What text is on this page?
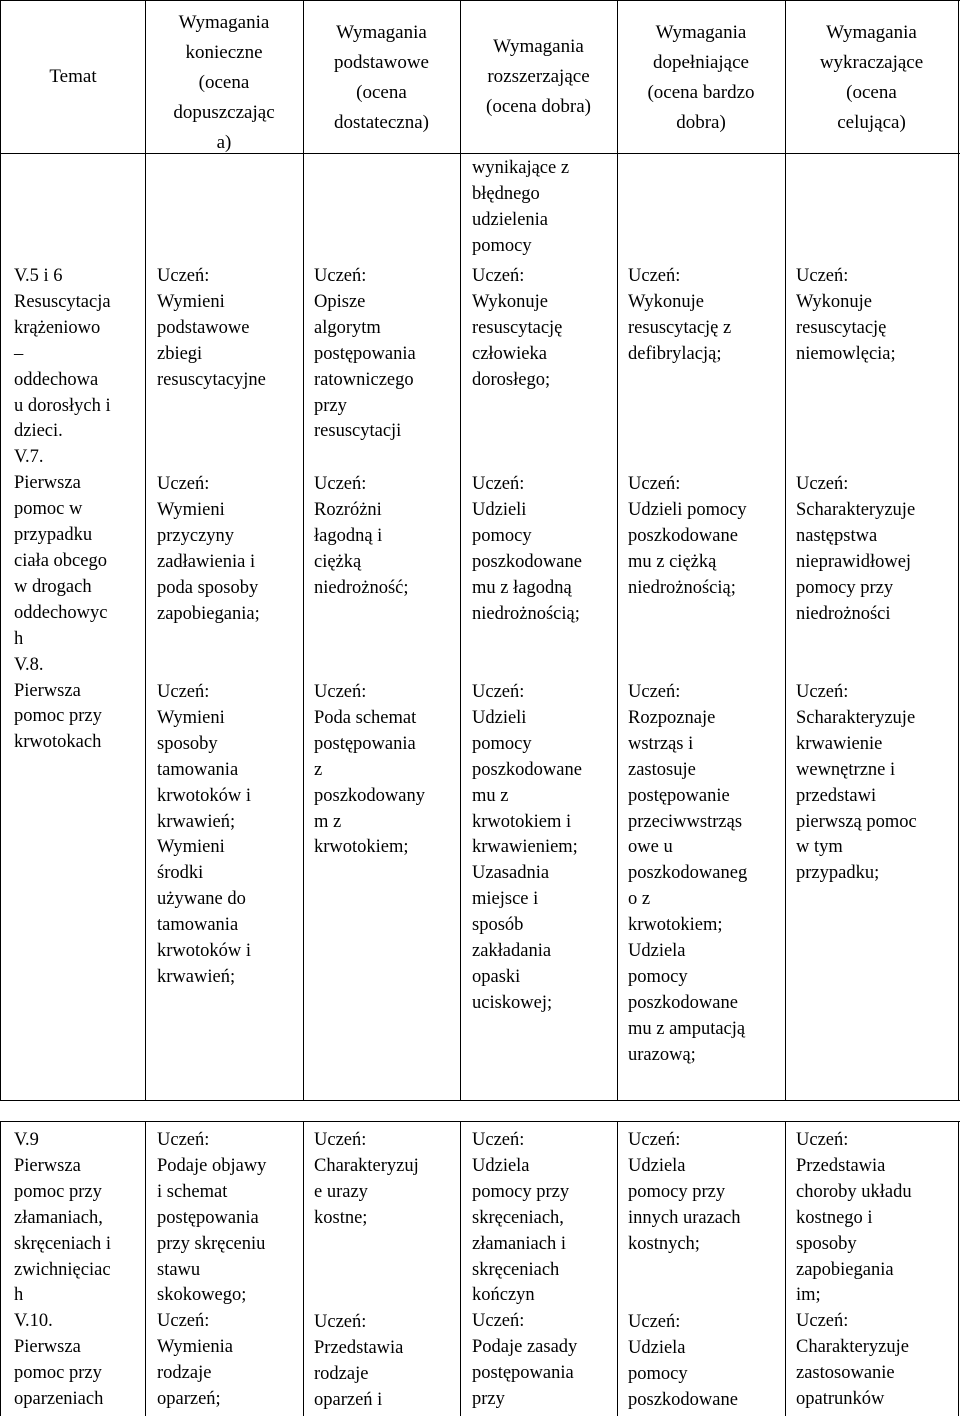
Temat
Wymagania
konieczne
(ocena
dopuszczając
a)
Wymagania
podstawowe
(ocena
dostateczna)
Wymagania
rozszerzające
(ocena dobra)
Wymagania
dopełniające
(ocena bardzo
dobra)
Wymagania
wykraczające
(ocena
celująca)
V.5 i 6
Resuscytacja
krążeniowo
–
oddechowa
u dorosłych i
dzieci.
V.7.
Pierwsza
pomoc w
przypadku
ciała obcego
w drogach
oddechowyc
h
V.8.
Pierwsza
pomoc przy
krwotokach
Uczeń:
Wymieni
podstawowe
zbiegi
resuscytacyjne
Uczeń:
Wymieni
przyczyny
zadławienia i
poda sposoby
zapobiegania;
Uczeń:
Wymieni
sposoby
tamowania
krwotoków i
krwawień;
Wymieni
środki
używane do
tamowania
krwotoków i
krwawień;
Uczeń:
Opisze
algorytm
postępowania
ratowniczego
przy
resuscytacji
Uczeń:
Rozróżni
łagodną i
ciężką
niedrożność;
Uczeń:
Poda schemat
postępowania
z
poszkodowany
m z
krwotokiem;
wynikające z
błędnego
udzielenia
pomocy
Uczeń:
Wykonuje
resuscytację
człowieka
dorosłego;
Uczeń:
Udzieli
pomocy
poszkodowane
mu z łagodną
niedrożnością;
Uczeń:
Udzieli
pomocy
poszkodowane
mu z
krwotokiem i
krwawieniem;
Uzasadnia
miejsce i
sposób
zakładania
opaski
uciskowej;
Uczeń:
Wykonuje
resuscytację z
defibrylacją;
Uczeń:
Udzieli pomocy
poszkodowane
mu z ciężką
niedrożnością;
Uczeń:
Rozpoznaje
wstrząs i
zastosuje
postępowanie
przeciwwstrząs
owe u
poszkodowaneg
o z
krwotokiem;
Udziela
pomocy
poszkodowane
mu z amputacją
urazową;
Uczeń:
Wykonuje
resuscytację
niemowlęcia;
Uczeń:
Scharakteryzuje
następstwa
nieprawidłowej
pomocy przy
niedrożności
Uczeń:
Scharakteryzuje
krwawienie
wewnętrzne i
przedstawi
pierwszą pomoc
w tym
przypadku;
V.9
Pierwsza
pomoc przy
złamaniach,
skręceniach i
zwichnięciac
h
V.10.
Pierwsza
pomoc przy
oparzeniach
Uczeń:
Podaje objawy
i schemat
postępowania
przy skręceniu
stawu
skokowego;
Uczeń:
Wymienia
rodzaje
oparzeń;
Uczeń:
Charakteryzuj
e urazy
kostne;
Uczeń:
Przedstawia
rodzaje
oparzeń i
Uczeń:
Udziela
pomocy przy
skręceniach,
złamaniach i
skręceniach
kończyn
Uczeń:
Podaje zasady
postępowania
przy
Uczeń:
Udziela
pomocy przy
innych urazach
kostnych;
Uczeń:
Udziela
pomocy
poszkodowane
Uczeń:
Przedstawia
choroby układu
kostnego i
sposoby
zapobiegania
im;
Uczeń:
Charakteryzuje
zastosowanie
opatrunków
